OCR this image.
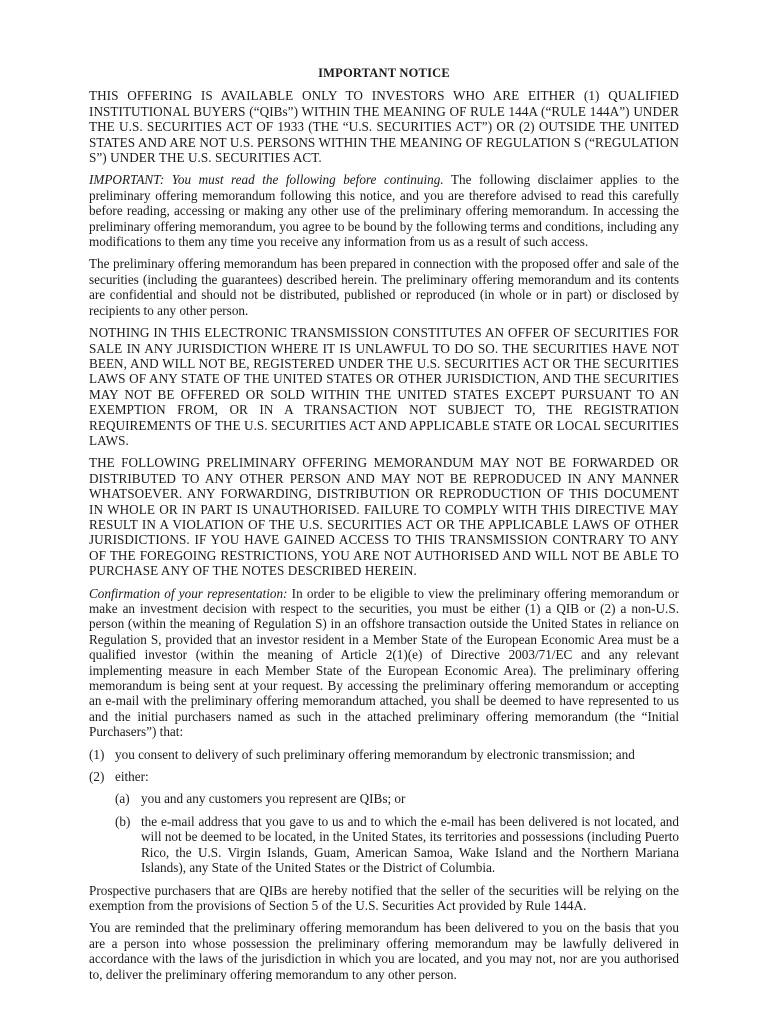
IMPORTANT NOTICE

THIS OFFERING IS AVAILABLE ONLY TO INVESTORS WHO ARE EITHER (1) QUALIFIED INSTITUTIONAL BUYERS (“QIBs”) WITHIN THE MEANING OF RULE 144A (“RULE 144A”) UNDER THE U.S. SECURITIES ACT OF 1933 (THE “U.S. SECURITIES ACT”) OR (2) OUTSIDE THE UNITED STATES AND ARE NOT U.S. PERSONS WITHIN THE MEANING OF REGULATION S (“REGULATION S”) UNDER THE U.S. SECURITIES ACT.

IMPORTANT: You must read the following before continuing. The following disclaimer applies to the preliminary offering memorandum following this notice, and you are therefore advised to read this carefully before reading, accessing or making any other use of the preliminary offering memorandum. In accessing the preliminary offering memorandum, you agree to be bound by the following terms and conditions, including any modifications to them any time you receive any information from us as a result of such access.

The preliminary offering memorandum has been prepared in connection with the proposed offer and sale of the securities (including the guarantees) described herein. The preliminary offering memorandum and its contents are confidential and should not be distributed, published or reproduced (in whole or in part) or disclosed by recipients to any other person.

NOTHING IN THIS ELECTRONIC TRANSMISSION CONSTITUTES AN OFFER OF SECURITIES FOR SALE IN ANY JURISDICTION WHERE IT IS UNLAWFUL TO DO SO. THE SECURITIES HAVE NOT BEEN, AND WILL NOT BE, REGISTERED UNDER THE U.S. SECURITIES ACT OR THE SECURITIES LAWS OF ANY STATE OF THE UNITED STATES OR OTHER JURISDICTION, AND THE SECURITIES MAY NOT BE OFFERED OR SOLD WITHIN THE UNITED STATES EXCEPT PURSUANT TO AN EXEMPTION FROM, OR IN A TRANSACTION NOT SUBJECT TO, THE REGISTRATION REQUIREMENTS OF THE U.S. SECURITIES ACT AND APPLICABLE STATE OR LOCAL SECURITIES LAWS.

THE FOLLOWING PRELIMINARY OFFERING MEMORANDUM MAY NOT BE FORWARDED OR DISTRIBUTED TO ANY OTHER PERSON AND MAY NOT BE REPRODUCED IN ANY MANNER WHATSOEVER. ANY FORWARDING, DISTRIBUTION OR REPRODUCTION OF THIS DOCUMENT IN WHOLE OR IN PART IS UNAUTHORISED. FAILURE TO COMPLY WITH THIS DIRECTIVE MAY RESULT IN A VIOLATION OF THE U.S. SECURITIES ACT OR THE APPLICABLE LAWS OF OTHER JURISDICTIONS. IF YOU HAVE GAINED ACCESS TO THIS TRANSMISSION CONTRARY TO ANY OF THE FOREGOING RESTRICTIONS, YOU ARE NOT AUTHORISED AND WILL NOT BE ABLE TO PURCHASE ANY OF THE NOTES DESCRIBED HEREIN.

Confirmation of your representation: In order to be eligible to view the preliminary offering memorandum or make an investment decision with respect to the securities, you must be either (1) a QIB or (2) a non-U.S. person (within the meaning of Regulation S) in an offshore transaction outside the United States in reliance on Regulation S, provided that an investor resident in a Member State of the European Economic Area must be a qualified investor (within the meaning of Article 2(1)(e) of Directive 2003/71/EC and any relevant implementing measure in each Member State of the European Economic Area). The preliminary offering memorandum is being sent at your request. By accessing the preliminary offering memorandum or accepting an e-mail with the preliminary offering memorandum attached, you shall be deemed to have represented to us and the initial purchasers named as such in the attached preliminary offering memorandum (the “Initial Purchasers”) that:

(1) you consent to delivery of such preliminary offering memorandum by electronic transmission; and
(2) either:
(a) you and any customers you represent are QIBs; or
(b) the e-mail address that you gave to us and to which the e-mail has been delivered is not located, and will not be deemed to be located, in the United States, its territories and possessions (including Puerto Rico, the U.S. Virgin Islands, Guam, American Samoa, Wake Island and the Northern Mariana Islands), any State of the United States or the District of Columbia.

Prospective purchasers that are QIBs are hereby notified that the seller of the securities will be relying on the exemption from the provisions of Section 5 of the U.S. Securities Act provided by Rule 144A.

You are reminded that the preliminary offering memorandum has been delivered to you on the basis that you are a person into whose possession the preliminary offering memorandum may be lawfully delivered in accordance with the laws of the jurisdiction in which you are located, and you may not, nor are you authorised to, deliver the preliminary offering memorandum to any other person.
